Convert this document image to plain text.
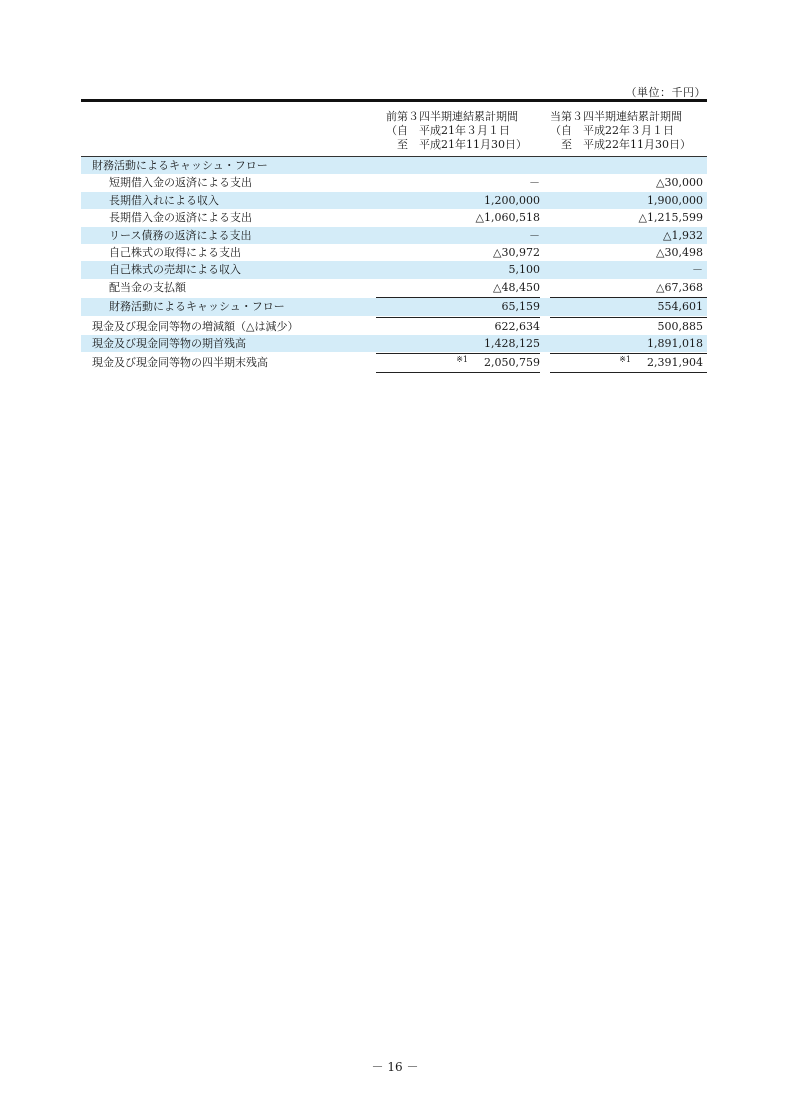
（単位：千円）
前第３四半期連結累計期間
（自　平成21年３月１日
　至　平成21年11月30日）
当第３四半期連結累計期間
（自　平成22年３月１日
　至　平成22年11月30日）
財務活動によるキャッシュ・フロー
短期借入金の返済による支出	－	△30,000
長期借入れによる収入	1,200,000	1,900,000
長期借入金の返済による支出	△1,060,518	△1,215,599
リース債務の返済による支出	－	△1,932
自己株式の取得による支出	△30,972	△30,498
自己株式の売却による収入	5,100	－
配当金の支払額	△48,450	△67,368
財務活動によるキャッシュ・フロー	65,159	554,601
現金及び現金同等物の増減額（△は減少）	622,634	500,885
現金及び現金同等物の期首残高	1,428,125	1,891,018
現金及び現金同等物の四半期末残高	$^{※1}$ 2,050,759	$^{※1}$ 2,391,904
－ 16 －
